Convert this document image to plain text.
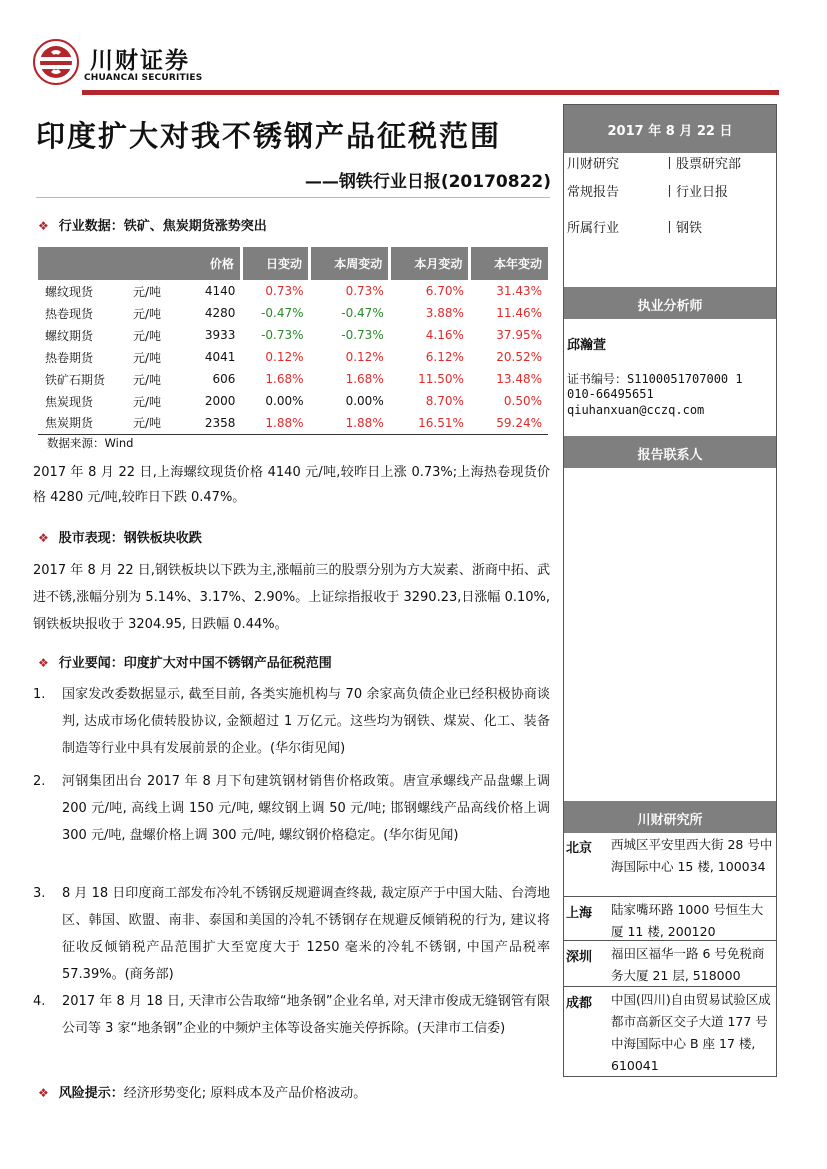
川财证券
CHUANCAI SECURITIES
印度扩大对我不锈钢产品征税范围
——钢铁行业日报(20170822)
❖ 行业数据：铁矿、焦炭期货涨势突出
		价格	日变动	本周变动	本月变动	本年变动
螺纹现货	元/吨	4140	0.73%	0.73%	6.70%	31.43%
热卷现货	元/吨	4280	-0.47%	-0.47%	3.88%	11.46%
螺纹期货	元/吨	3933	-0.73%	-0.73%	4.16%	37.95%
热卷期货	元/吨	4041	0.12%	0.12%	6.12%	20.52%
铁矿石期货	元/吨	606	1.68%	1.68%	11.50%	13.48%
焦炭现货	元/吨	2000	0.00%	0.00%	8.70%	0.50%
焦炭期货	元/吨	2358	1.88%	1.88%	16.51%	59.24%
数据来源：Wind
2017 年 8 月 22 日,上海螺纹现货价格 4140 元/吨,较昨日上涨 0.73%;上海热卷现货价格 4280 元/吨,较昨日下跌 0.47%。
❖ 股市表现：钢铁板块收跌
2017 年 8 月 22 日,钢铁板块以下跌为主,涨幅前三的股票分别为方大炭素、浙商中拓、武进不锈,涨幅分别为 5.14%、3.17%、2.90%。上证综指报收于 3290.23,日涨幅 0.10%, 钢铁板块报收于 3204.95, 日跌幅 0.44%。
❖ 行业要闻：印度扩大对中国不锈钢产品征税范围
1. 国家发改委数据显示, 截至目前, 各类实施机构与 70 余家高负债企业已经积极协商谈判, 达成市场化债转股协议, 金额超过 1 万亿元。这些均为钢铁、煤炭、化工、装备制造等行业中具有发展前景的企业。(华尔街见闻)
2. 河钢集团出台 2017 年 8 月下旬建筑钢材销售价格政策。唐宣承螺线产品盘螺上调 200 元/吨, 高线上调 150 元/吨, 螺纹钢上调 50 元/吨; 邯钢螺线产品高线价格上调 300 元/吨, 盘螺价格上调 300 元/吨, 螺纹钢价格稳定。(华尔街见闻)
3. 8 月 18 日印度商工部发布冷轧不锈钢反规避调查终裁, 裁定原产于中国大陆、台湾地区、韩国、欧盟、南非、泰国和美国的冷轧不锈钢存在规避反倾销税的行为, 建议将征收反倾销税产品范围扩大至宽度大于 1250 毫米的冷轧不锈钢, 中国产品税率 57.39%。(商务部)
4. 2017 年 8 月 18 日, 天津市公告取缔“地条钢”企业名单, 对天津市俊成无缝钢管有限公司等 3 家“地条钢”企业的中频炉主体等设备实施关停拆除。(天津市工信委)
❖ 风险提示：经济形势变化; 原料成本及产品价格波动。
2017 年 8 月 22 日
川财研究	丨股票研究部
常规报告	丨行业日报
所属行业	丨钢铁
执业分析师
邱瀚萱
证书编号：S1100051707000 1
010-66495651
qiuhanxuan@cczq.com
报告联系人
川财研究所
北京 西城区平安里西大街 28 号中海国际中心 15 楼, 100034
上海 陆家嘴环路 1000 号恒生大厦 11 楼, 200120
深圳 福田区福华一路 6 号免税商务大厦 21 层, 518000
成都 中国(四川)自由贸易试验区成都市高新区交子大道 177 号中海国际中心 B 座 17 楼, 610041
